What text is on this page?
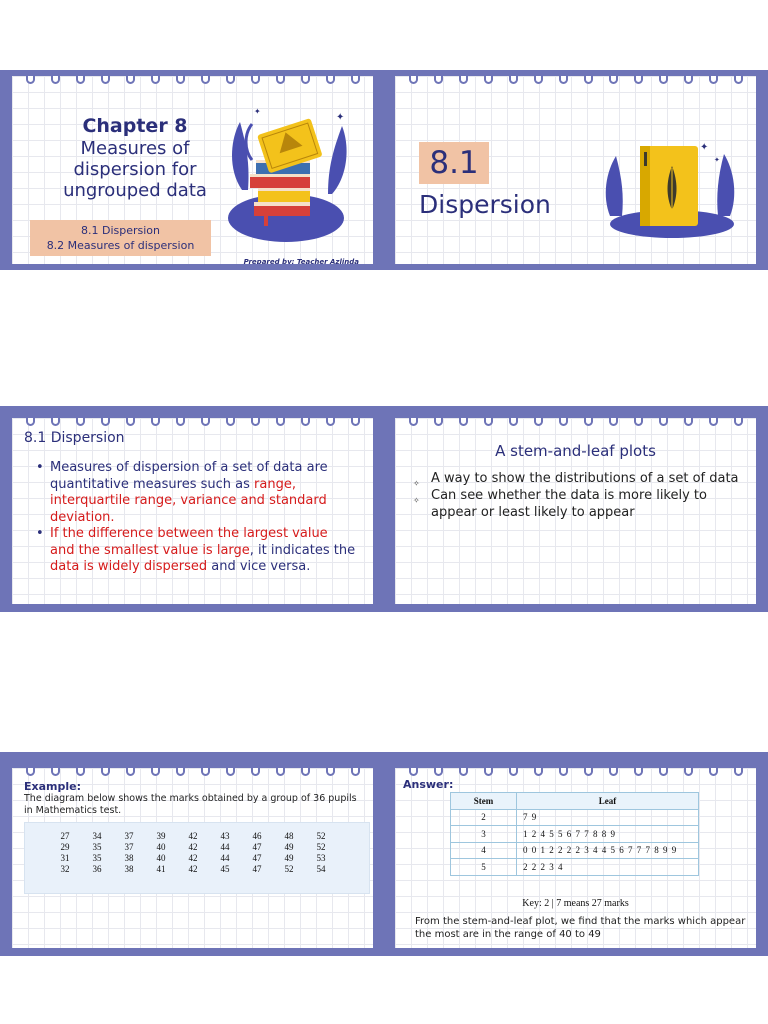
Chapter 8
Measures of
dispersion for
ungrouped data
8.1 Dispersion
8.2 Measures of dispersion
Prepared by: Teacher Azlinda
✦
✦
8.1
Dispersion
✦
✦
8.1 Dispersion
• Measures of dispersion of a set of data are quantitative measures such as range, interquartile range, variance and standard deviation.
• If the difference between the largest value and the smallest value is large, it indicates the data is widely dispersed and vice versa.
A stem-and-leaf plots
✧ A way to show the distributions of a set of data
✧ Can see whether the data is more likely to appear or least likely to appear
Example:
The diagram below shows the marks obtained by a group of 36 pupils in Mathematics test.
27	34	37	39	42	43	46	48	52
29	35	37	40	42	44	47	49	52
31	35	38	40	42	44	47	49	53
32	36	38	41	42	45	47	52	54
Answer:
Stem	Leaf
2	7 9
3	1 2 4 5 5 6 7 7 8 8 9
4	0 0 1 2 2 2 2 3 4 4 5 6 7 7 7 8 9 9
5	2 2 2 3 4
Key: 2 | 7 means 27 marks
From the stem-and-leaf plot, we find that the marks which appear the most are in the range of 40 to 49
